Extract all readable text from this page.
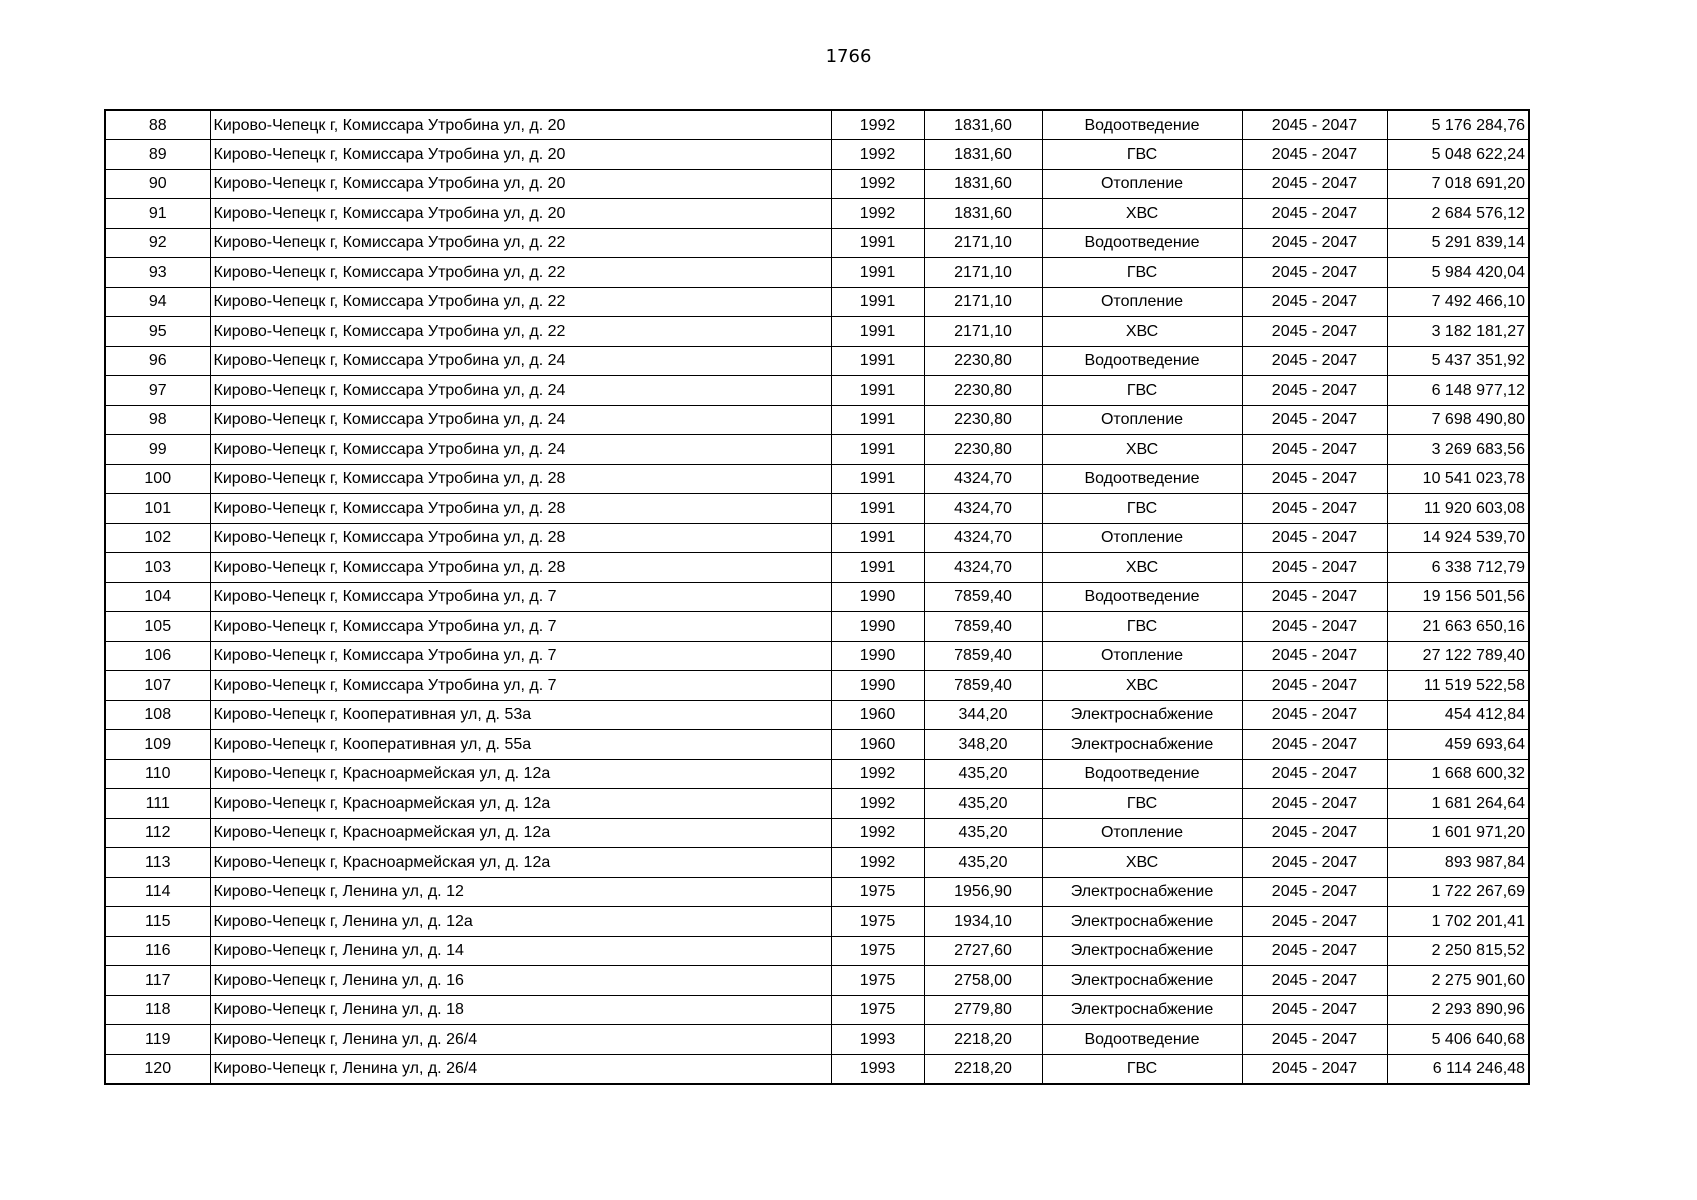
1766
88	Кирово-Чепецк г, Комиссара Утробина ул, д. 20	1992	1831,60	Водоотведение	2045 - 2047	5 176 284,76
89	Кирово-Чепецк г, Комиссара Утробина ул, д. 20	1992	1831,60	ГВС	2045 - 2047	5 048 622,24
90	Кирово-Чепецк г, Комиссара Утробина ул, д. 20	1992	1831,60	Отопление	2045 - 2047	7 018 691,20
91	Кирово-Чепецк г, Комиссара Утробина ул, д. 20	1992	1831,60	ХВС	2045 - 2047	2 684 576,12
92	Кирово-Чепецк г, Комиссара Утробина ул, д. 22	1991	2171,10	Водоотведение	2045 - 2047	5 291 839,14
93	Кирово-Чепецк г, Комиссара Утробина ул, д. 22	1991	2171,10	ГВС	2045 - 2047	5 984 420,04
94	Кирово-Чепецк г, Комиссара Утробина ул, д. 22	1991	2171,10	Отопление	2045 - 2047	7 492 466,10
95	Кирово-Чепецк г, Комиссара Утробина ул, д. 22	1991	2171,10	ХВС	2045 - 2047	3 182 181,27
96	Кирово-Чепецк г, Комиссара Утробина ул, д. 24	1991	2230,80	Водоотведение	2045 - 2047	5 437 351,92
97	Кирово-Чепецк г, Комиссара Утробина ул, д. 24	1991	2230,80	ГВС	2045 - 2047	6 148 977,12
98	Кирово-Чепецк г, Комиссара Утробина ул, д. 24	1991	2230,80	Отопление	2045 - 2047	7 698 490,80
99	Кирово-Чепецк г, Комиссара Утробина ул, д. 24	1991	2230,80	ХВС	2045 - 2047	3 269 683,56
100	Кирово-Чепецк г, Комиссара Утробина ул, д. 28	1991	4324,70	Водоотведение	2045 - 2047	10 541 023,78
101	Кирово-Чепецк г, Комиссара Утробина ул, д. 28	1991	4324,70	ГВС	2045 - 2047	11 920 603,08
102	Кирово-Чепецк г, Комиссара Утробина ул, д. 28	1991	4324,70	Отопление	2045 - 2047	14 924 539,70
103	Кирово-Чепецк г, Комиссара Утробина ул, д. 28	1991	4324,70	ХВС	2045 - 2047	6 338 712,79
104	Кирово-Чепецк г, Комиссара Утробина ул, д. 7	1990	7859,40	Водоотведение	2045 - 2047	19 156 501,56
105	Кирово-Чепецк г, Комиссара Утробина ул, д. 7	1990	7859,40	ГВС	2045 - 2047	21 663 650,16
106	Кирово-Чепецк г, Комиссара Утробина ул, д. 7	1990	7859,40	Отопление	2045 - 2047	27 122 789,40
107	Кирово-Чепецк г, Комиссара Утробина ул, д. 7	1990	7859,40	ХВС	2045 - 2047	11 519 522,58
108	Кирово-Чепецк г, Кооперативная ул, д. 53а	1960	344,20	Электроснабжение	2045 - 2047	454 412,84
109	Кирово-Чепецк г, Кооперативная ул, д. 55а	1960	348,20	Электроснабжение	2045 - 2047	459 693,64
110	Кирово-Чепецк г, Красноармейская ул, д. 12а	1992	435,20	Водоотведение	2045 - 2047	1 668 600,32
111	Кирово-Чепецк г, Красноармейская ул, д. 12а	1992	435,20	ГВС	2045 - 2047	1 681 264,64
112	Кирово-Чепецк г, Красноармейская ул, д. 12а	1992	435,20	Отопление	2045 - 2047	1 601 971,20
113	Кирово-Чепецк г, Красноармейская ул, д. 12а	1992	435,20	ХВС	2045 - 2047	893 987,84
114	Кирово-Чепецк г, Ленина ул, д. 12	1975	1956,90	Электроснабжение	2045 - 2047	1 722 267,69
115	Кирово-Чепецк г, Ленина ул, д. 12а	1975	1934,10	Электроснабжение	2045 - 2047	1 702 201,41
116	Кирово-Чепецк г, Ленина ул, д. 14	1975	2727,60	Электроснабжение	2045 - 2047	2 250 815,52
117	Кирово-Чепецк г, Ленина ул, д. 16	1975	2758,00	Электроснабжение	2045 - 2047	2 275 901,60
118	Кирово-Чепецк г, Ленина ул, д. 18	1975	2779,80	Электроснабжение	2045 - 2047	2 293 890,96
119	Кирово-Чепецк г, Ленина ул, д. 26/4	1993	2218,20	Водоотведение	2045 - 2047	5 406 640,68
120	Кирово-Чепецк г, Ленина ул, д. 26/4	1993	2218,20	ГВС	2045 - 2047	6 114 246,48
